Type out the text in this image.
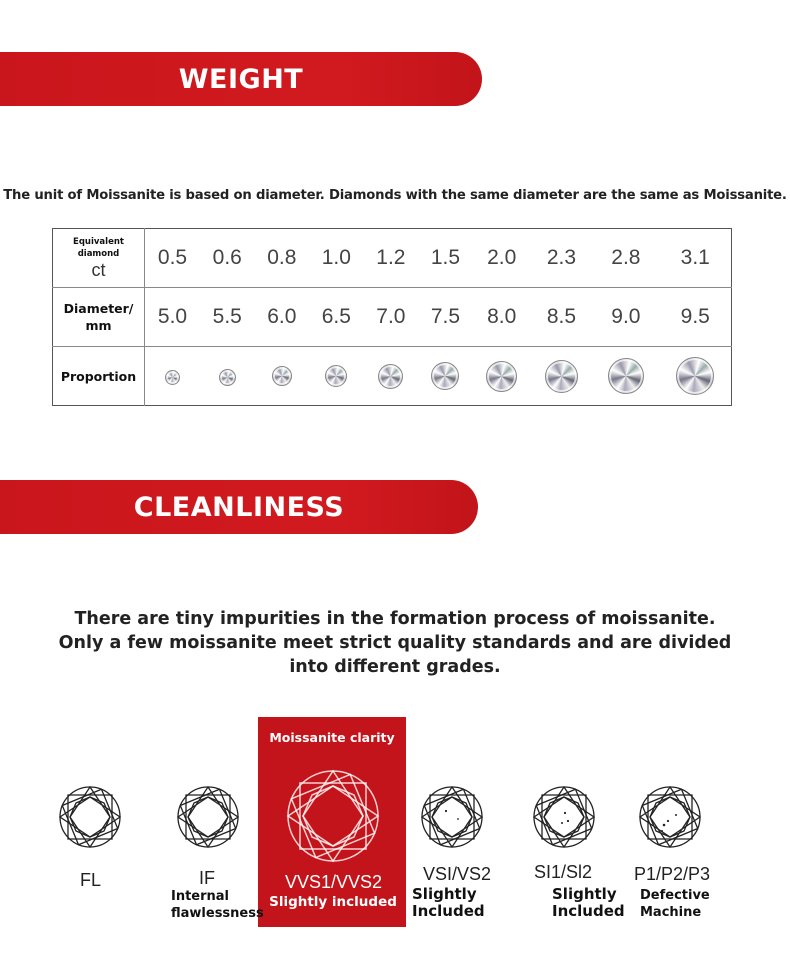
WEIGHT
The unit of Moissanite is based on diameter. Diamonds with the same diameter are the same as Moissanite.
Equivalent diamond
ct	0.5	0.6	0.8	1.0	1.2	1.5	2.0	2.3	2.8	3.1

Diameter/ mm	5.0	5.5	6.0	6.5	7.0	7.5	8.0	8.5	9.0	9.5
Proportion										
CLEANLINESS
There are tiny impurities in the formation process of moissanite.
Only a few moissanite meet strict quality standards and are divided
into different grades.
Moissanite clarity
FL	IF	VVS1/VVS2 VSI/VS2 SI1/Sl2 P1/P2/P3
Internal flawlessness
Slightly included	Slightly Included
Slightly Included
Defective Machine
